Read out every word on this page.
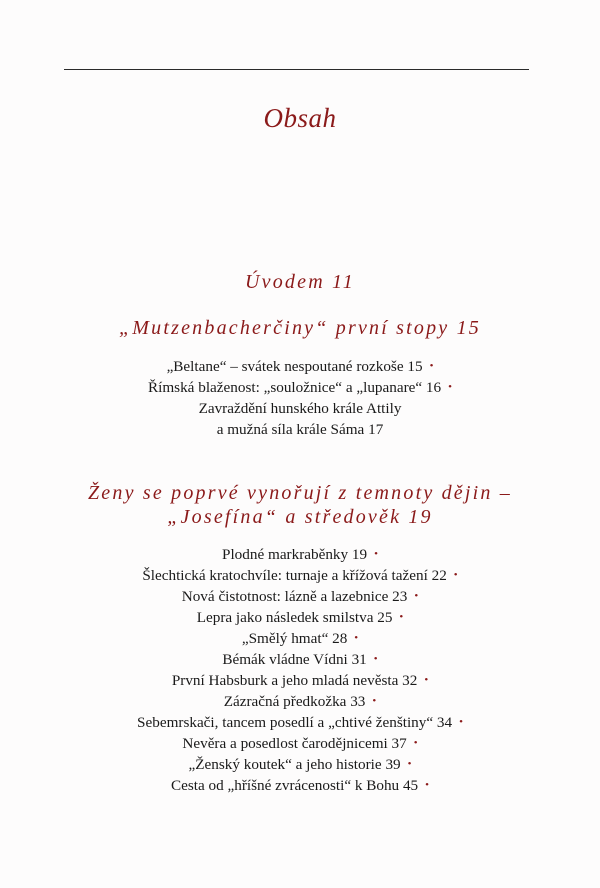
Obsah
Úvodem 11
„Mutzenbacherčiny“ první stopy 15
„Beltane“ – svátek nespoutané rozkoše 15 •
Římská blaženost: „souložnice“ a „lupanare“ 16 •
Zavraždění hunského krále Attily
a mužná síla krále Sáma 17
Ženy se poprvé vynořují z temnoty dějin –
„Josefína“ a středověk 19
Plodné markraběnky 19 •
Šlechtická kratochvíle: turnaje a křížová tažení 22 •
Nová čistotnost: lázně a lazebnice 23 •
Lepra jako následek smilstva 25 •
„Smělý hmat“ 28 •
Bémák vládne Vídni 31 •
První Habsburk a jeho mladá nevěsta 32 •
Zázračná předkožka 33 •
Sebemrskači, tancem posedlí a „chtivé ženštiny“ 34 •
Nevěra a posedlost čarodějnicemi 37 •
„Ženský koutek“ a jeho historie 39 •
Cesta od „hříšné zvrácenosti“ k Bohu 45 •
